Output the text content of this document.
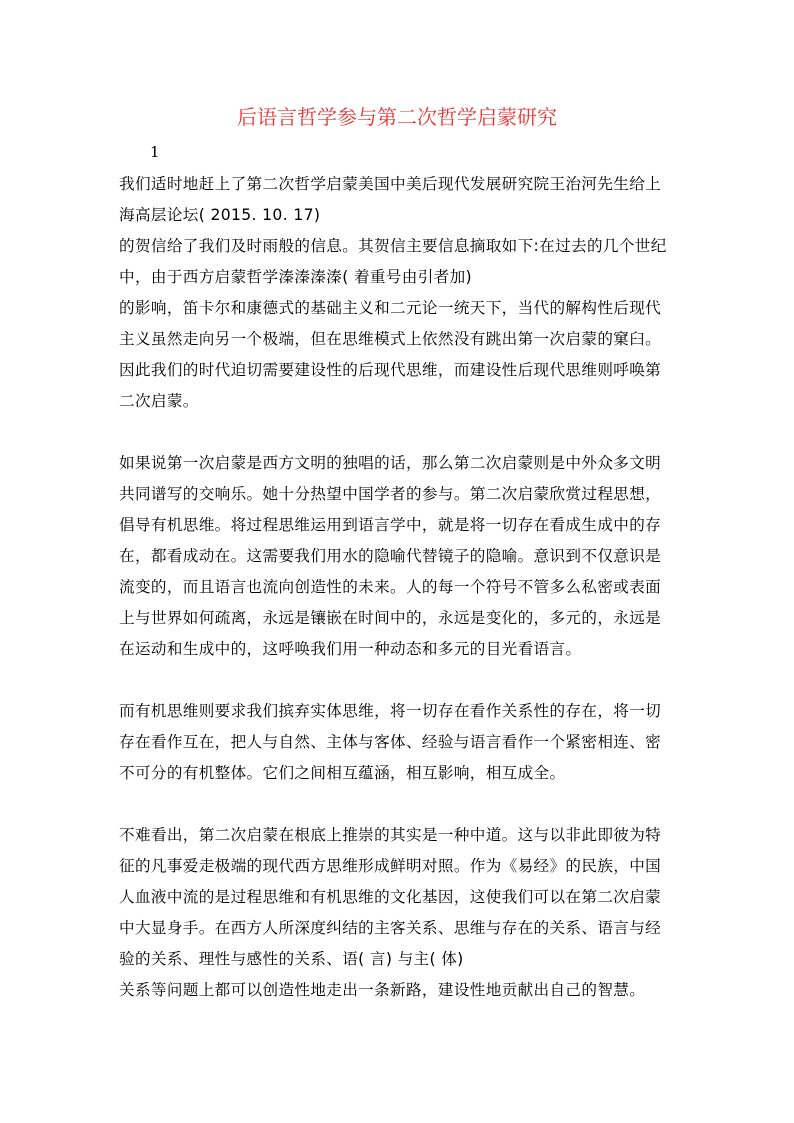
后语言哲学参与第二次哲学启蒙研究
1
我们适时地赶上了第二次哲学启蒙美国中美后现代发展研究院王治河先生给上
海高层论坛( 2015. 10. 17)
的贺信给了我们及时雨般的信息。其贺信主要信息摘取如下:在过去的几个世纪
中，由于西方启蒙哲学溱溱溱溱( 着重号由引者加)
的影响，笛卡尔和康德式的基础主义和二元论一统天下，当代的解构性后现代
主义虽然走向另一个极端，但在思维模式上依然没有跳出第一次启蒙的窠臼。
因此我们的时代迫切需要建设性的后现代思维，而建设性后现代思维则呼唤第
二次启蒙。
如果说第一次启蒙是西方文明的独唱的话，那么第二次启蒙则是中外众多文明
共同谱写的交响乐。她十分热望中国学者的参与。第二次启蒙欣赏过程思想，
倡导有机思维。将过程思维运用到语言学中，就是将一切存在看成生成中的存
在，都看成动在。这需要我们用水的隐喻代替镜子的隐喻。意识到不仅意识是
流变的，而且语言也流向创造性的未来。人的每一个符号不管多么私密或表面
上与世界如何疏离，永远是镶嵌在时间中的，永远是变化的，多元的，永远是
在运动和生成中的，这呼唤我们用一种动态和多元的目光看语言。
而有机思维则要求我们摈弃实体思维，将一切存在看作关系性的存在，将一切
存在看作互在，把人与自然、主体与客体、经验与语言看作一个紧密相连、密
不可分的有机整体。它们之间相互蕴涵，相互影响，相互成全。
不难看出，第二次启蒙在根底上推崇的其实是一种中道。这与以非此即彼为特
征的凡事爱走极端的现代西方思维形成鲜明对照。作为《易经》的民族，中国
人血液中流的是过程思维和有机思维的文化基因，这使我们可以在第二次启蒙
中大显身手。在西方人所深度纠结的主客关系、思维与存在的关系、语言与经
验的关系、理性与感性的关系、语( 言) 与主( 体)
关系等问题上都可以创造性地走出一条新路，建设性地贡献出自己的智慧。
